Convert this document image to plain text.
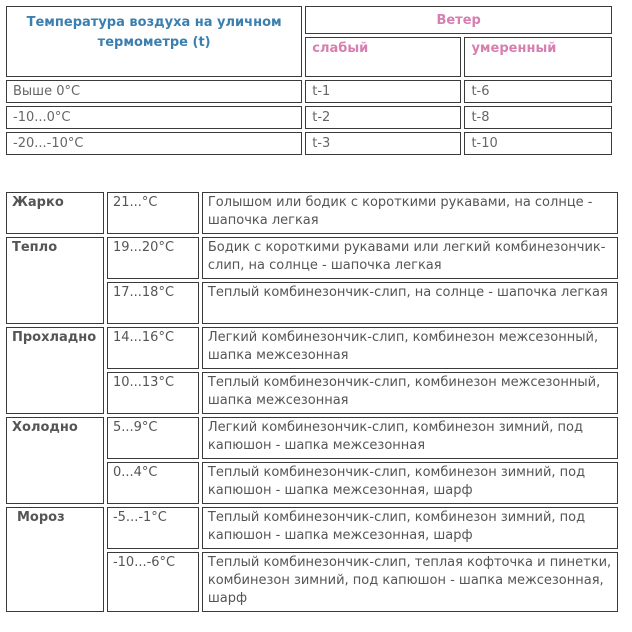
Температура воздуха на уличном термометре (t)	Ветер	
	слабый	умеренный
Выше 0°С	t-1	t-6
-10...0°С	t-2	t-8
-20...-10°С	t-3	t-10
Жарко	21...°С	Голышом или бодик с короткими рукавами, на солнце - шапочка легкая
Тепло	19...20°С	Бодик с короткими рукавами или легкий комбинезончик-слип, на солнце - шапочка легкая
	17...18°С	Теплый комбинезончик-слип, на солнце - шапочка легкая
Прохладно	14...16°С	Легкий комбинезончик-слип, комбинезон межсезонный, шапка межсезонная
	10...13°С	Теплый комбинезончик-слип, комбинезон межсезонный, шапка межсезонная
Холодно	5...9°С	Легкий комбинезончик-слип, комбинезон зимний, под капюшон - шапка межсезонная
	0...4°С	Теплый комбинезончик-слип, комбинезон зимний, под капюшон - шапка межсезонная, шарф
Мороз	-5...-1°С	Теплый комбинезончик-слип, комбинезон зимний, под капюшон - шапка межсезонная, шарф
	-10...-6°С	Теплый комбинезончик-слип, теплая кофточка и пинетки, комбинезон зимний, под капюшон - шапка межсезонная, шарф
